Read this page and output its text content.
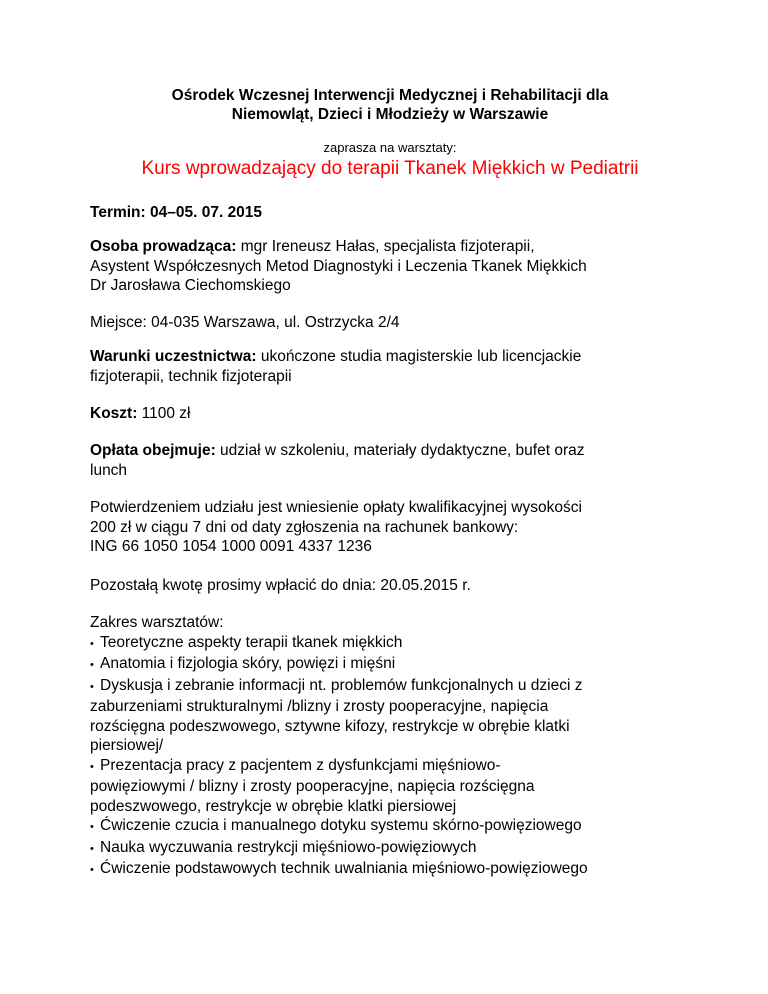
Ośrodek Wczesnej Interwencji Medycznej i Rehabilitacji dla
Niemowląt, Dzieci i Młodzieży w Warszawie
zaprasza na warsztaty:
Kurs wprowadzający do terapii Tkanek Miękkich w Pediatrii
Termin: 04–05. 07. 2015
Osoba prowadząca: mgr Ireneusz Hałas, specjalista fizjoterapii,
Asystent Współczesnych Metod Diagnostyki i Leczenia Tkanek Miękkich
Dr Jarosława Ciechomskiego
Miejsce: 04-035 Warszawa, ul. Ostrzycka 2/4
Warunki uczestnictwa: ukończone studia magisterskie lub licencjackie
fizjoterapii, technik fizjoterapii
Koszt: 1100 zł
Opłata obejmuje: udział w szkoleniu, materiały dydaktyczne, bufet oraz
lunch
Potwierdzeniem udziału jest wniesienie opłaty kwalifikacyjnej wysokości
200 zł w ciągu 7 dni od daty zgłoszenia na rachunek bankowy:
ING 66 1050 1054 1000 0091 4337 1236
Pozostałą kwotę prosimy wpłacić do dnia: 20.05.2015 r.
Zakres warsztatów:
• Teoretyczne aspekty terapii tkanek miękkich
• Anatomia i fizjologia skóry, powięzi i mięśni
• Dyskusja i zebranie informacji nt. problemów funkcjonalnych u dzieci z
zaburzeniami strukturalnymi /blizny i zrosty pooperacyjne, napięcia
rozścięgna podeszwowego, sztywne kifozy, restrykcje w obrębie klatki
piersiowej/
• Prezentacja pracy z pacjentem z dysfunkcjami mięśniowo-
powięziowymi / blizny i zrosty pooperacyjne, napięcia rozścięgna
podeszwowego, restrykcje w obrębie klatki piersiowej
• Ćwiczenie czucia i manualnego dotyku systemu skórno-powięziowego
• Nauka wyczuwania restrykcji mięśniowo-powięziowych
• Ćwiczenie podstawowych technik uwalniania mięśniowo-powięziowego
